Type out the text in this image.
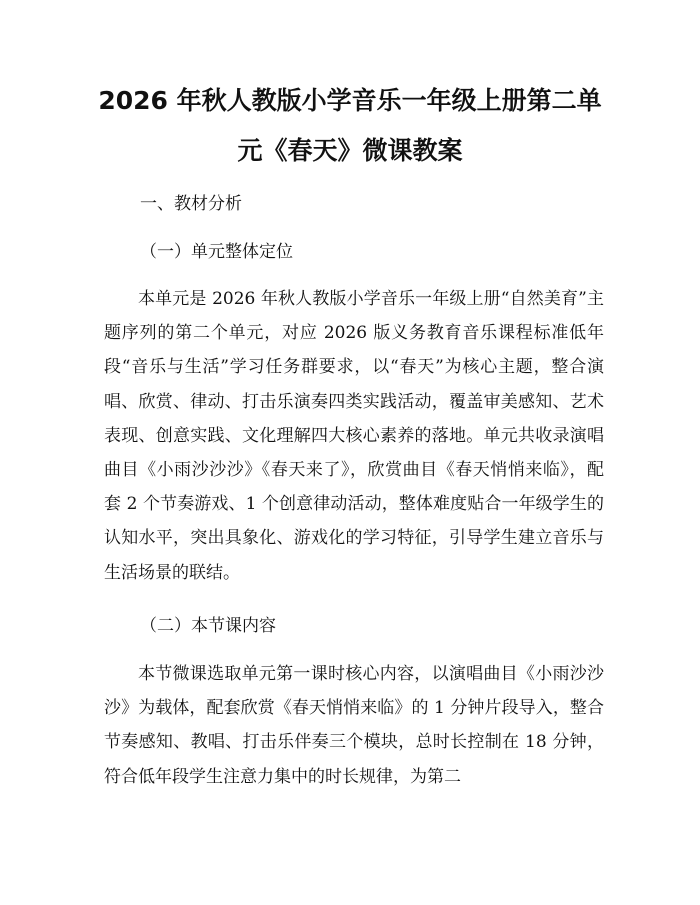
2026 年秋人教版小学音乐一年级上册第二单
元《春天》微课教案
一、教材分析
（一）单元整体定位

本单元是 2026 年秋人教版小学音乐一年级上册“自然美育”主题序列的第二个单元，对应 2026 版义务教育音乐课程标准低年段“音乐与生活”学习任务群要求，以“春天”为核心主题，整合演唱、欣赏、律动、打击乐演奏四类实践活动，覆盖审美感知、艺术表现、创意实践、文化理解四大核心素养的落地。单元共收录演唱曲目《小雨沙沙沙》《春天来了》，欣赏曲目《春天悄悄来临》，配套 2 个节奏游戏、1 个创意律动活动，整体难度贴合一年级学生的认知水平，突出具象化、游戏化的学习特征，引导学生建立音乐与生活场景的联结。

（二）本节课内容

本节微课选取单元第一课时核心内容，以演唱曲目《小雨沙沙沙》为载体，配套欣赏《春天悄悄来临》的 1 分钟片段导入，整合节奏感知、教唱、打击乐伴奏三个模块，总时长控制在 18 分钟，符合低年段学生注意力集中的时长规律，为第二
